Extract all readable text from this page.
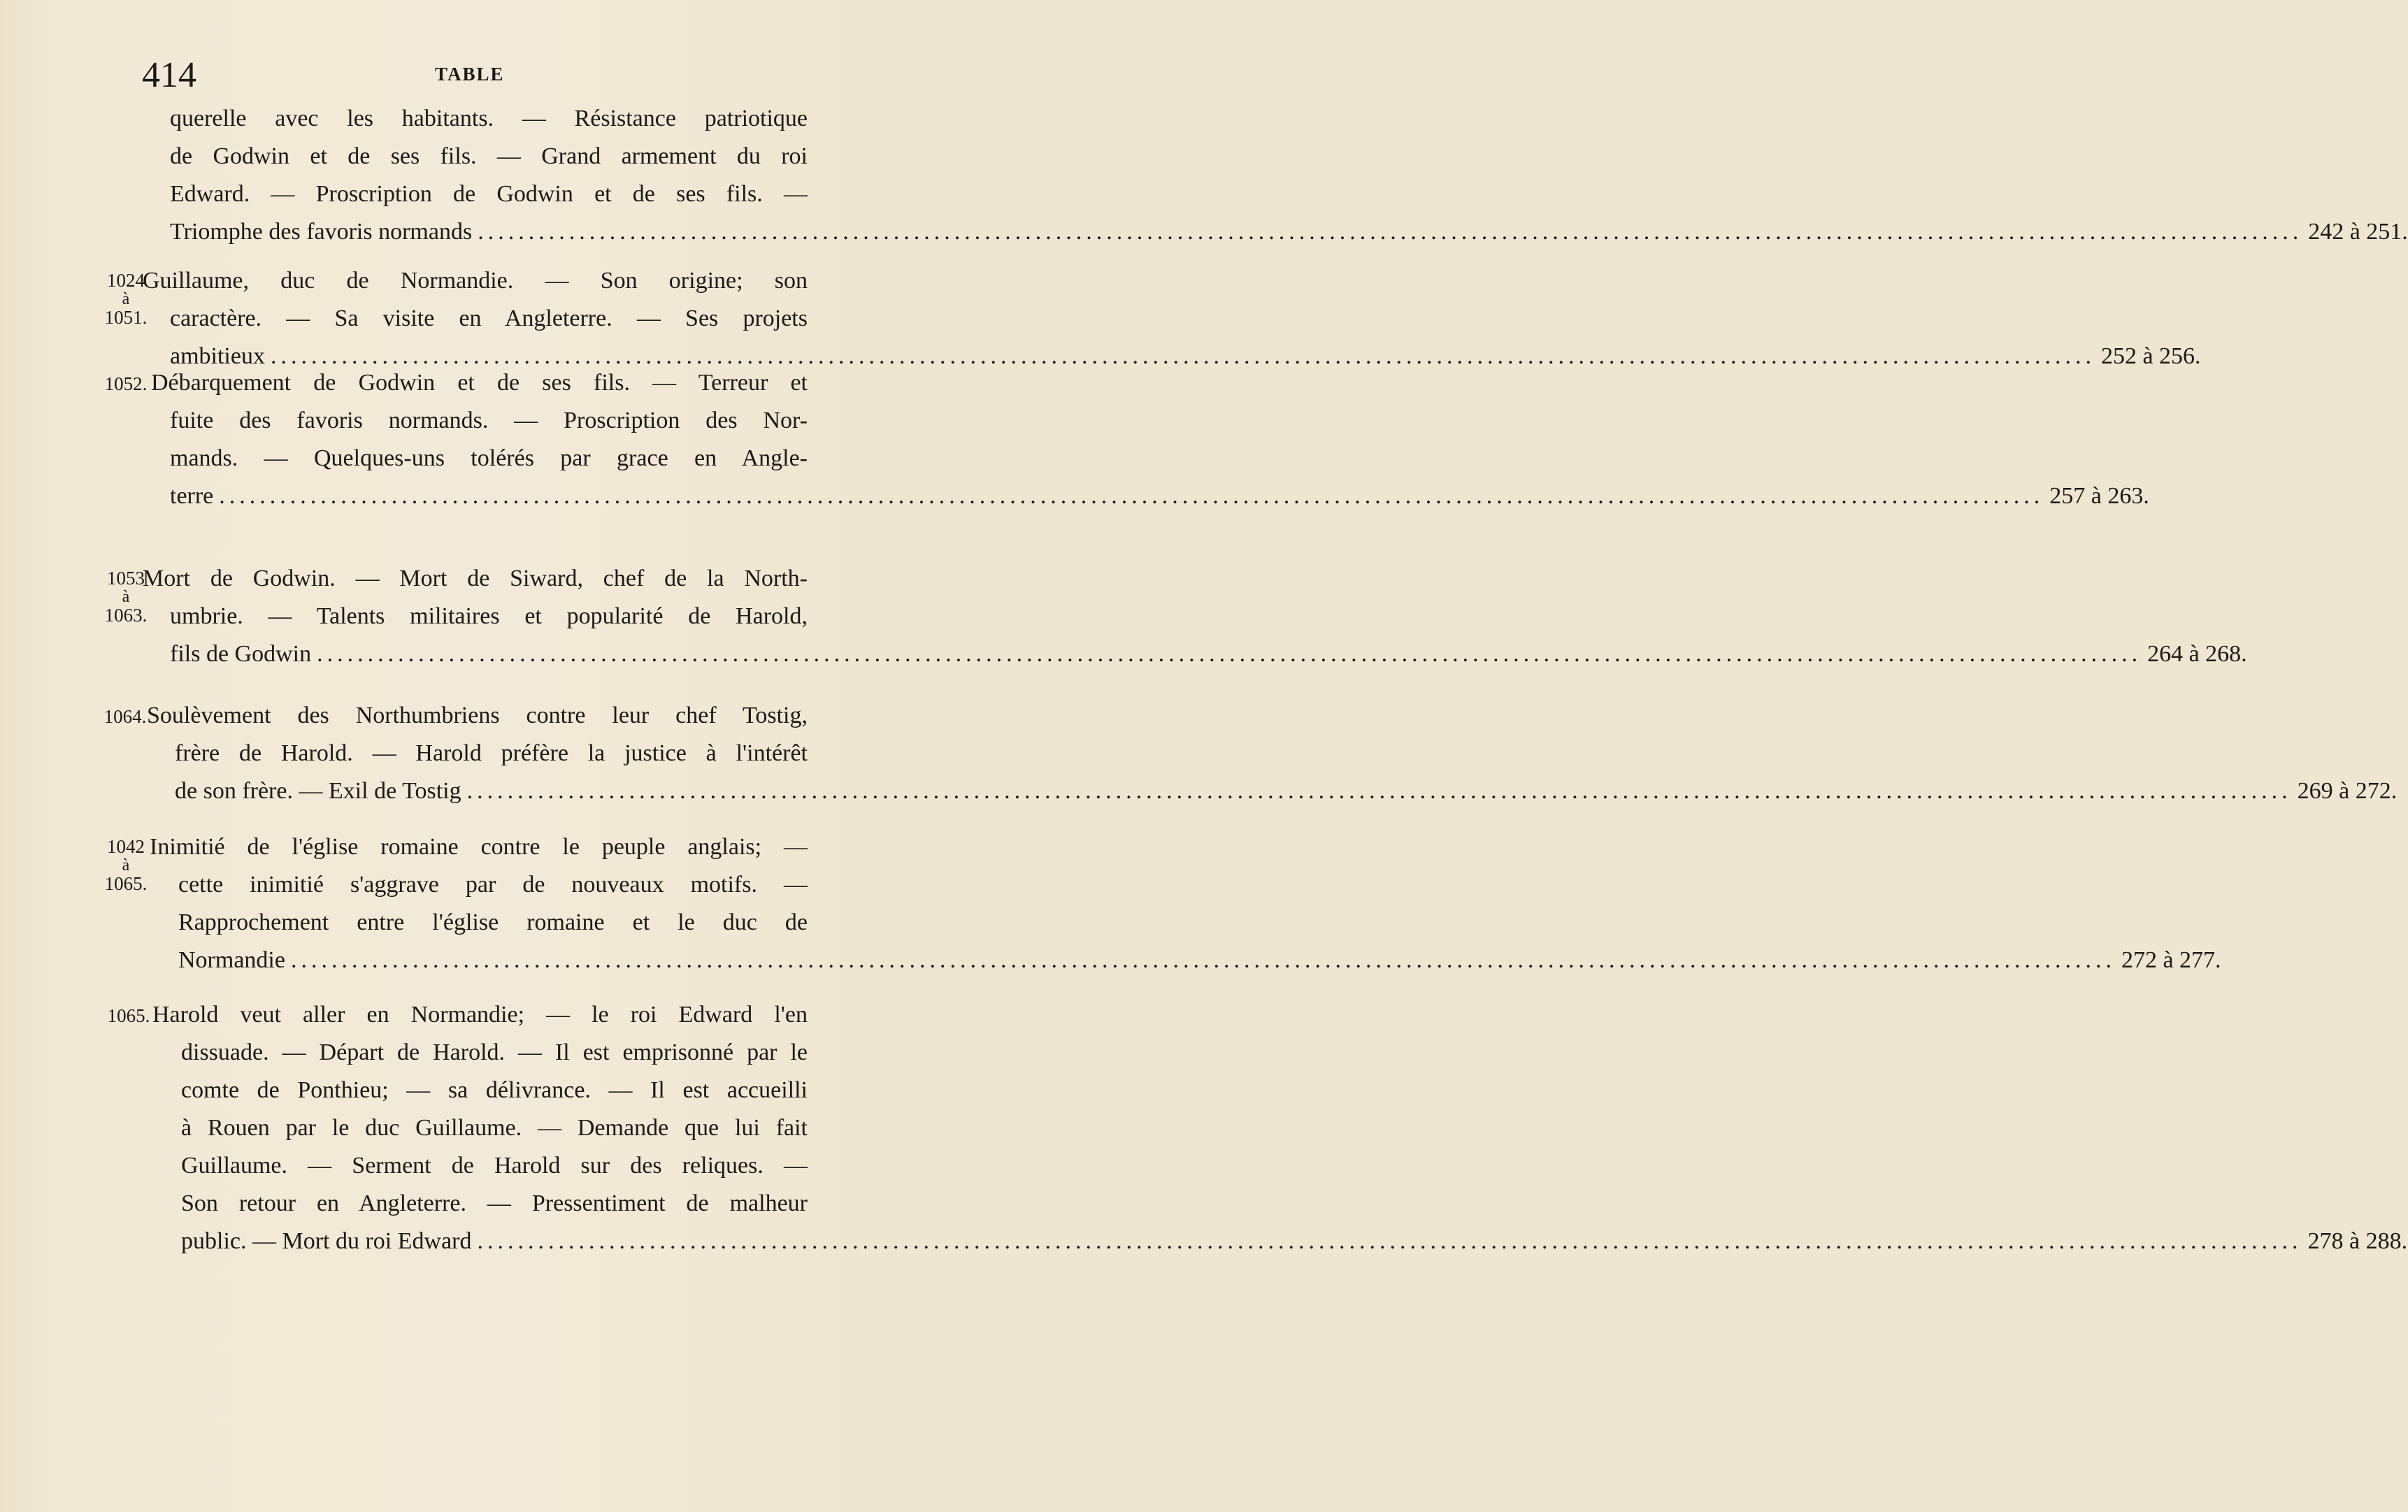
414	TABLE
querelle avec les habitants. — Résistance patriotique
de Godwin et de ses fils. — Grand armement du roi
Edward. — Proscription de Godwin et de ses fils. —
Triomphe des favoris normands .................................................................................................................................................................................... 242 à 251.
1024
à
1051.
Guillaume, duc de Normandie. — Son origine; son
caractère. — Sa visite en Angleterre. — Ses projets
ambitieux .................................................................................................................................................................................... 252 à 256.
1052. Débarquement de Godwin et de ses fils. — Terreur et
fuite des favoris normands. — Proscription des Nor-
mands. — Quelques-uns tolérés par grace en Angle-
terre .................................................................................................................................................................................... 257 à 263.
1053
à
1063.
Mort de Godwin. — Mort de Siward, chef de la North-
umbrie. — Talents militaires et popularité de Harold,
fils de Godwin .................................................................................................................................................................................... 264 à 268.
1064. Soulèvement des Northumbriens contre leur chef Tostig,
frère de Harold. — Harold préfère la justice à l'intérêt
de son frère. — Exil de Tostig .................................................................................................................................................................................... 269 à 272.
1042
à
1065.
Inimitié de l'église romaine contre le peuple anglais; —
cette inimitié s'aggrave par de nouveaux motifs. —
Rapprochement entre l'église romaine et le duc de
Normandie .................................................................................................................................................................................... 272 à 277.
1065. Harold veut aller en Normandie; — le roi Edward l'en
dissuade. — Départ de Harold. — Il est emprisonné par le
comte de Ponthieu; — sa délivrance. — Il est accueilli
à Rouen par le duc Guillaume. — Demande que lui fait
Guillaume. — Serment de Harold sur des reliques. —
Son retour en Angleterre. — Pressentiment de malheur
public. — Mort du roi Edward .................................................................................................................................................................................... 278 à 288.
